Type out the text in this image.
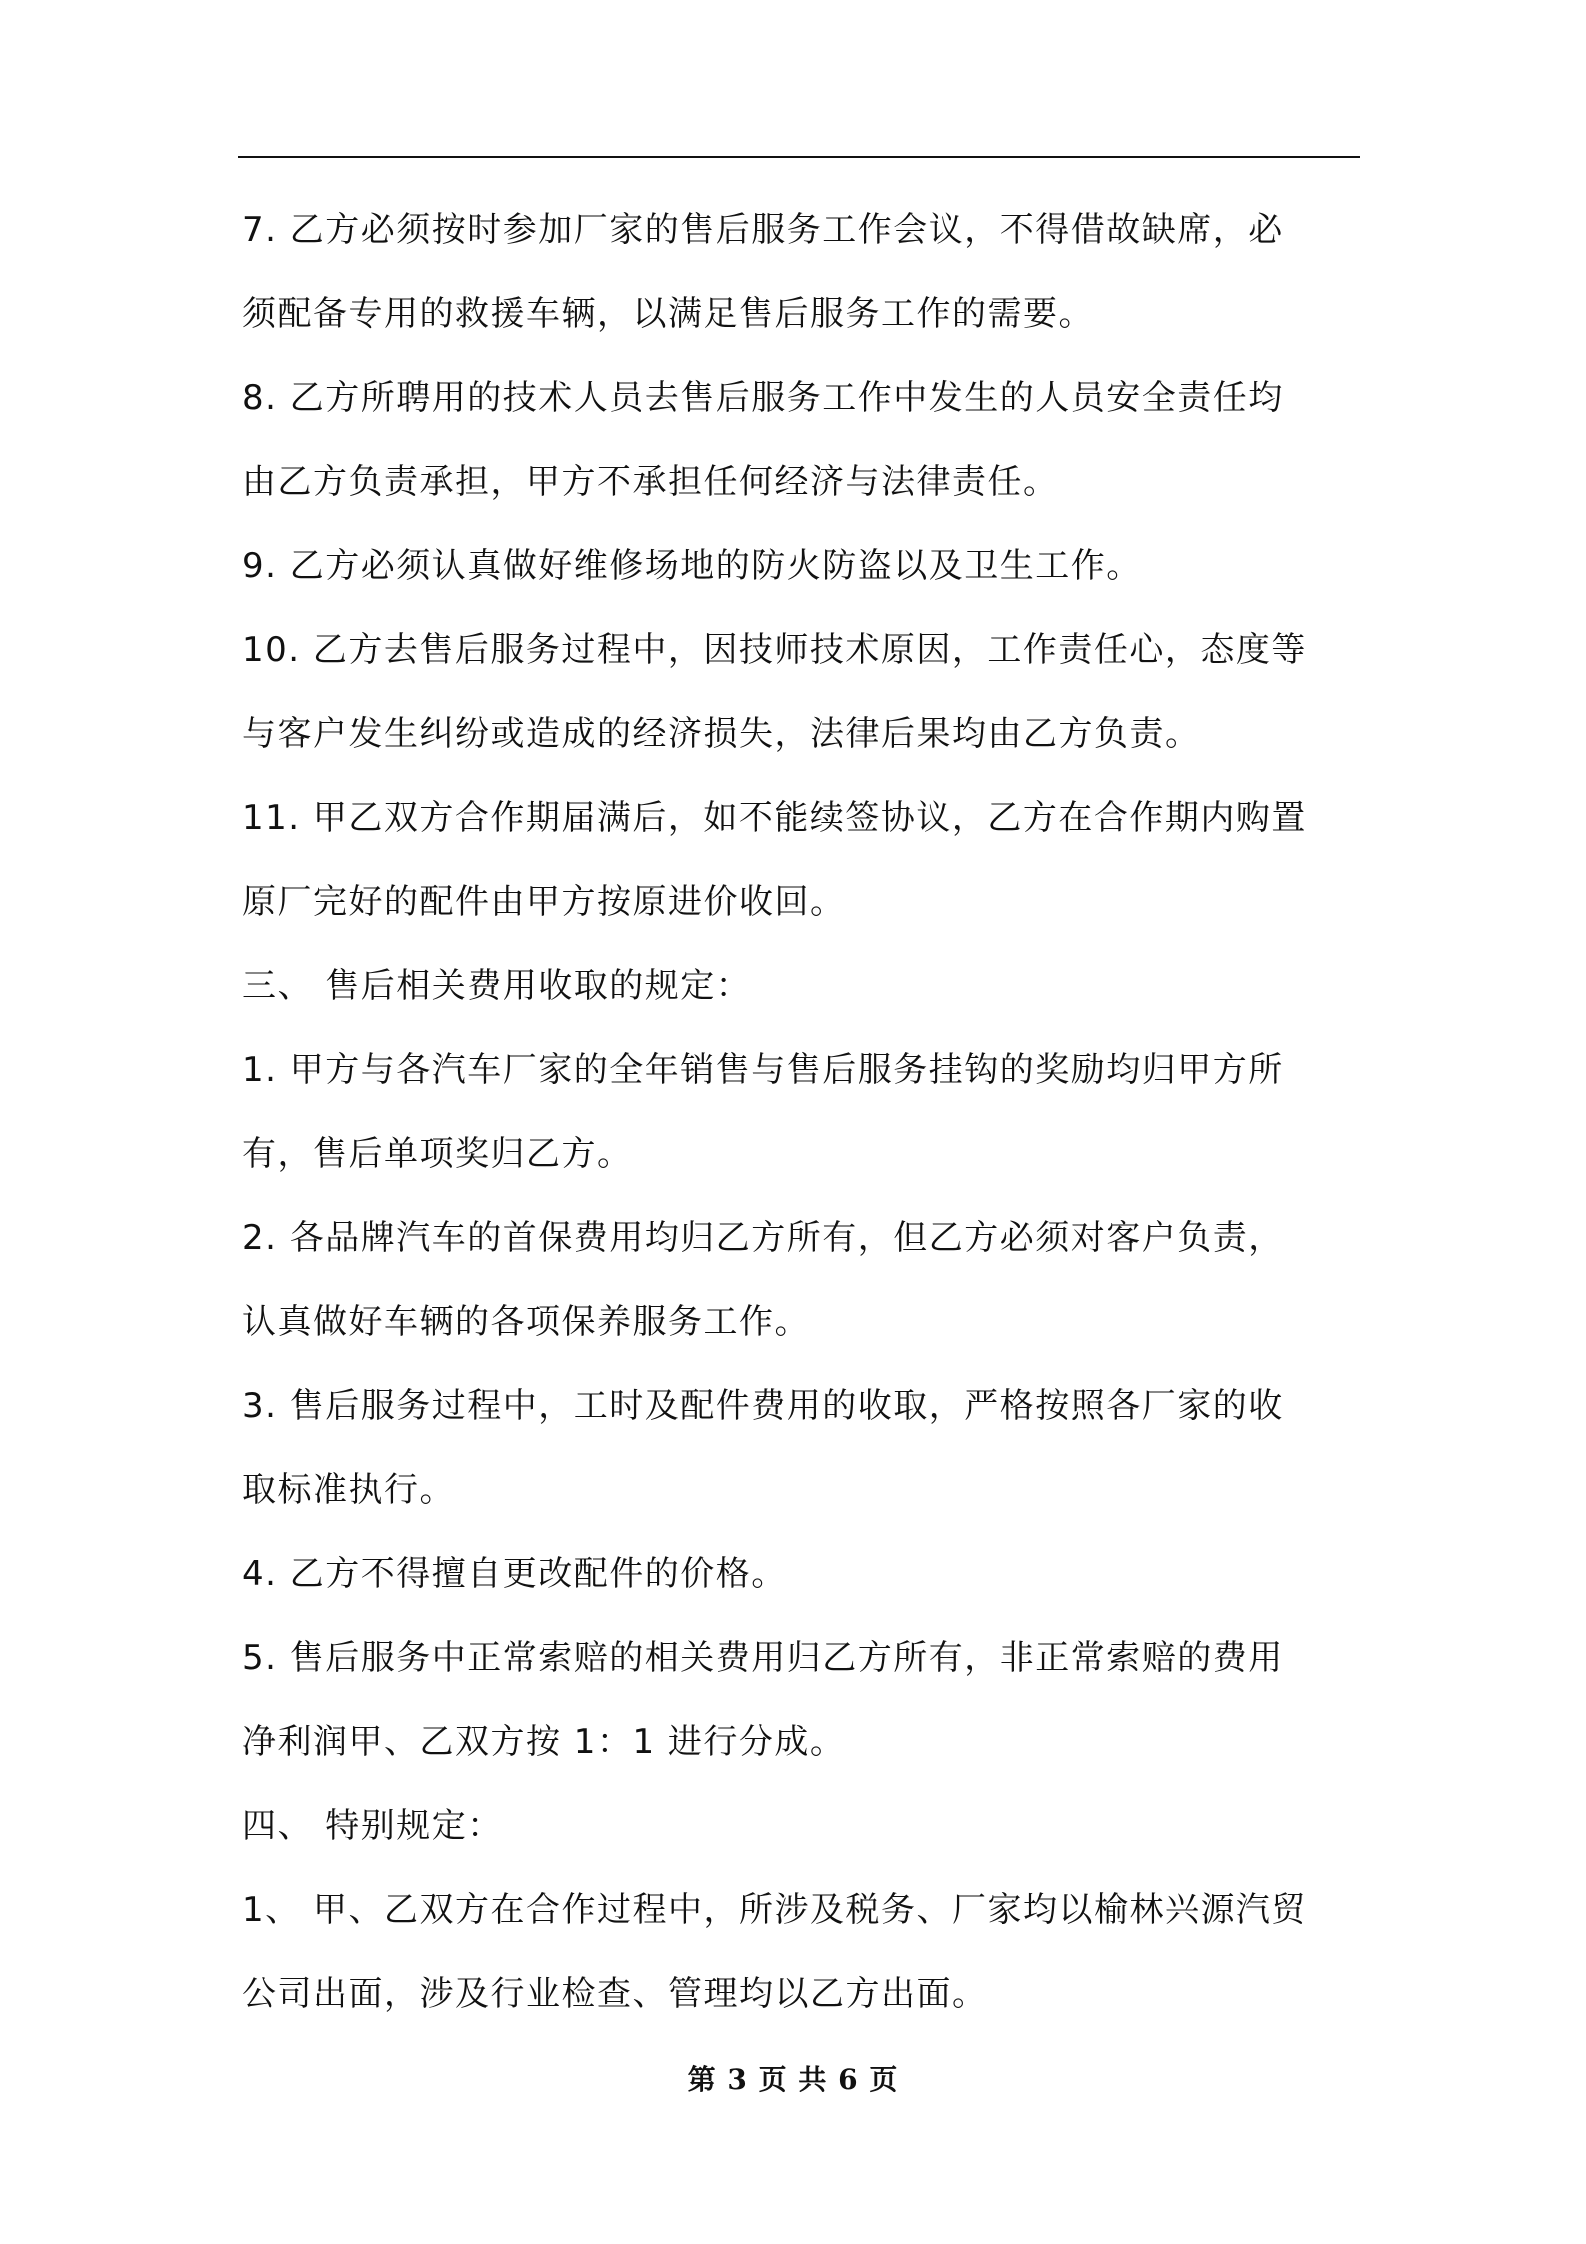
7. 乙方必须按时参加厂家的售后服务工作会议，不得借故缺席，必
须配备专用的救援车辆，以满足售后服务工作的需要。
8. 乙方所聘用的技术人员去售后服务工作中发生的人员安全责任均
由乙方负责承担，甲方不承担任何经济与法律责任。
9. 乙方必须认真做好维修场地的防火防盗以及卫生工作。
10. 乙方去售后服务过程中，因技师技术原因，工作责任心，态度等
与客户发生纠纷或造成的经济损失，法律后果均由乙方负责。
11. 甲乙双方合作期届满后，如不能续签协议，乙方在合作期内购置
原厂完好的配件由甲方按原进价收回。
三、 售后相关费用收取的规定：
1. 甲方与各汽车厂家的全年销售与售后服务挂钩的奖励均归甲方所
有，售后单项奖归乙方。
2. 各品牌汽车的首保费用均归乙方所有，但乙方必须对客户负责，
认真做好车辆的各项保养服务工作。
3. 售后服务过程中，工时及配件费用的收取，严格按照各厂家的收
取标准执行。
4. 乙方不得擅自更改配件的价格。
5. 售后服务中正常索赔的相关费用归乙方所有，非正常索赔的费用
净利润甲、乙双方按 1：1 进行分成。
四、 特别规定：
1、 甲、乙双方在合作过程中，所涉及税务、厂家均以榆林兴源汽贸
公司出面，涉及行业检查、管理均以乙方出面。
第 3 页 共 6 页
